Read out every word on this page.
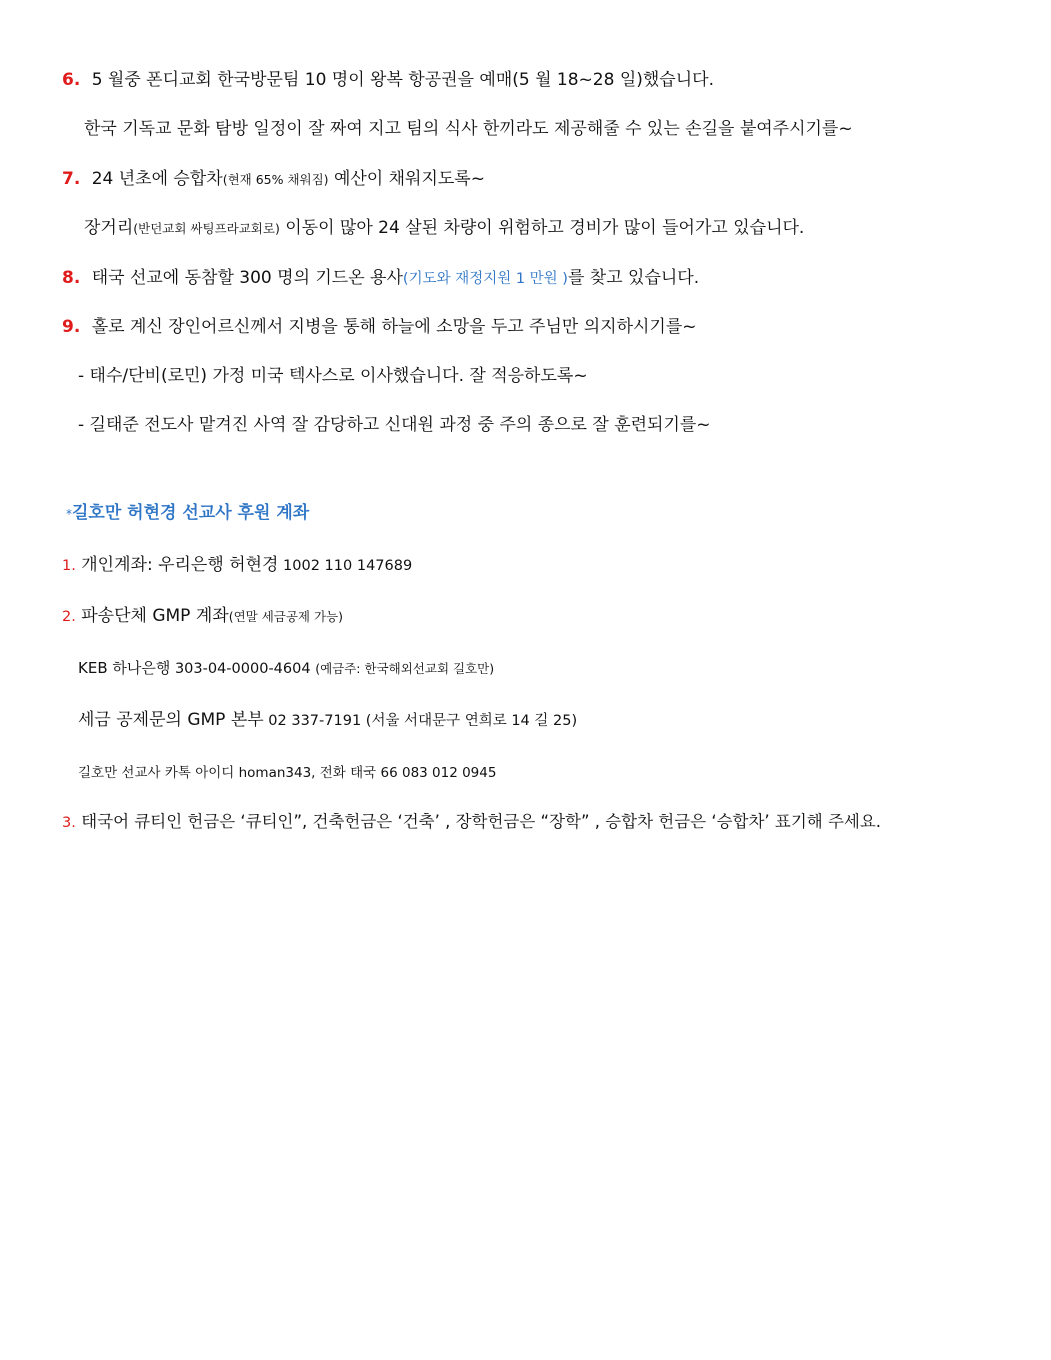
6. 5 월중 폰디교회 한국방문팀 10 명이 왕복 항공권을 예매(5 월 18~28 일)했습니다.
한국 기독교 문화 탐방 일정이 잘 짜여 지고 팀의 식사 한끼라도 제공해줄 수 있는 손길을 붙여주시기를~
7. 24 년초에 승합차(현재 65% 채워짐) 예산이 채워지도록~
장거리(반던교회 싸팅프라교회로) 이동이 많아 24 살된 차량이 위험하고 경비가 많이 들어가고 있습니다.
8. 태국 선교에 동참할 300 명의 기드온 용사(기도와 재정지원 1 만원 )를 찾고 있습니다.
9. 홀로 계신 장인어르신께서 지병을 통해 하늘에 소망을 두고 주님만 의지하시기를~
- 태수/단비(로민) 가정 미국 텍사스로 이사했습니다. 잘 적응하도록~
- 길태준 전도사 맡겨진 사역 잘 감당하고 신대원 과정 중 주의 종으로 잘 훈련되기를~
*길호만 허현경 선교사 후원 계좌
1. 개인계좌: 우리은행 허현경 1002 110 147689
2. 파송단체 GMP 계좌(연말 세금공제 가능)
KEB 하나은행 303-04-0000-4604 (예금주: 한국해외선교회 길호만)
세금 공제문의 GMP 본부 02 337-7191 (서울 서대문구 연희로 14 길 25)
길호만 선교사 카톡 아이디 homan343, 전화 태국 66 083 012 0945
3. 태국어 큐티인 헌금은 ‘큐티인”, 건축헌금은 ‘건축’ , 장학헌금은 “장학” , 승합차 헌금은 ‘승합차’ 표기해 주세요.
